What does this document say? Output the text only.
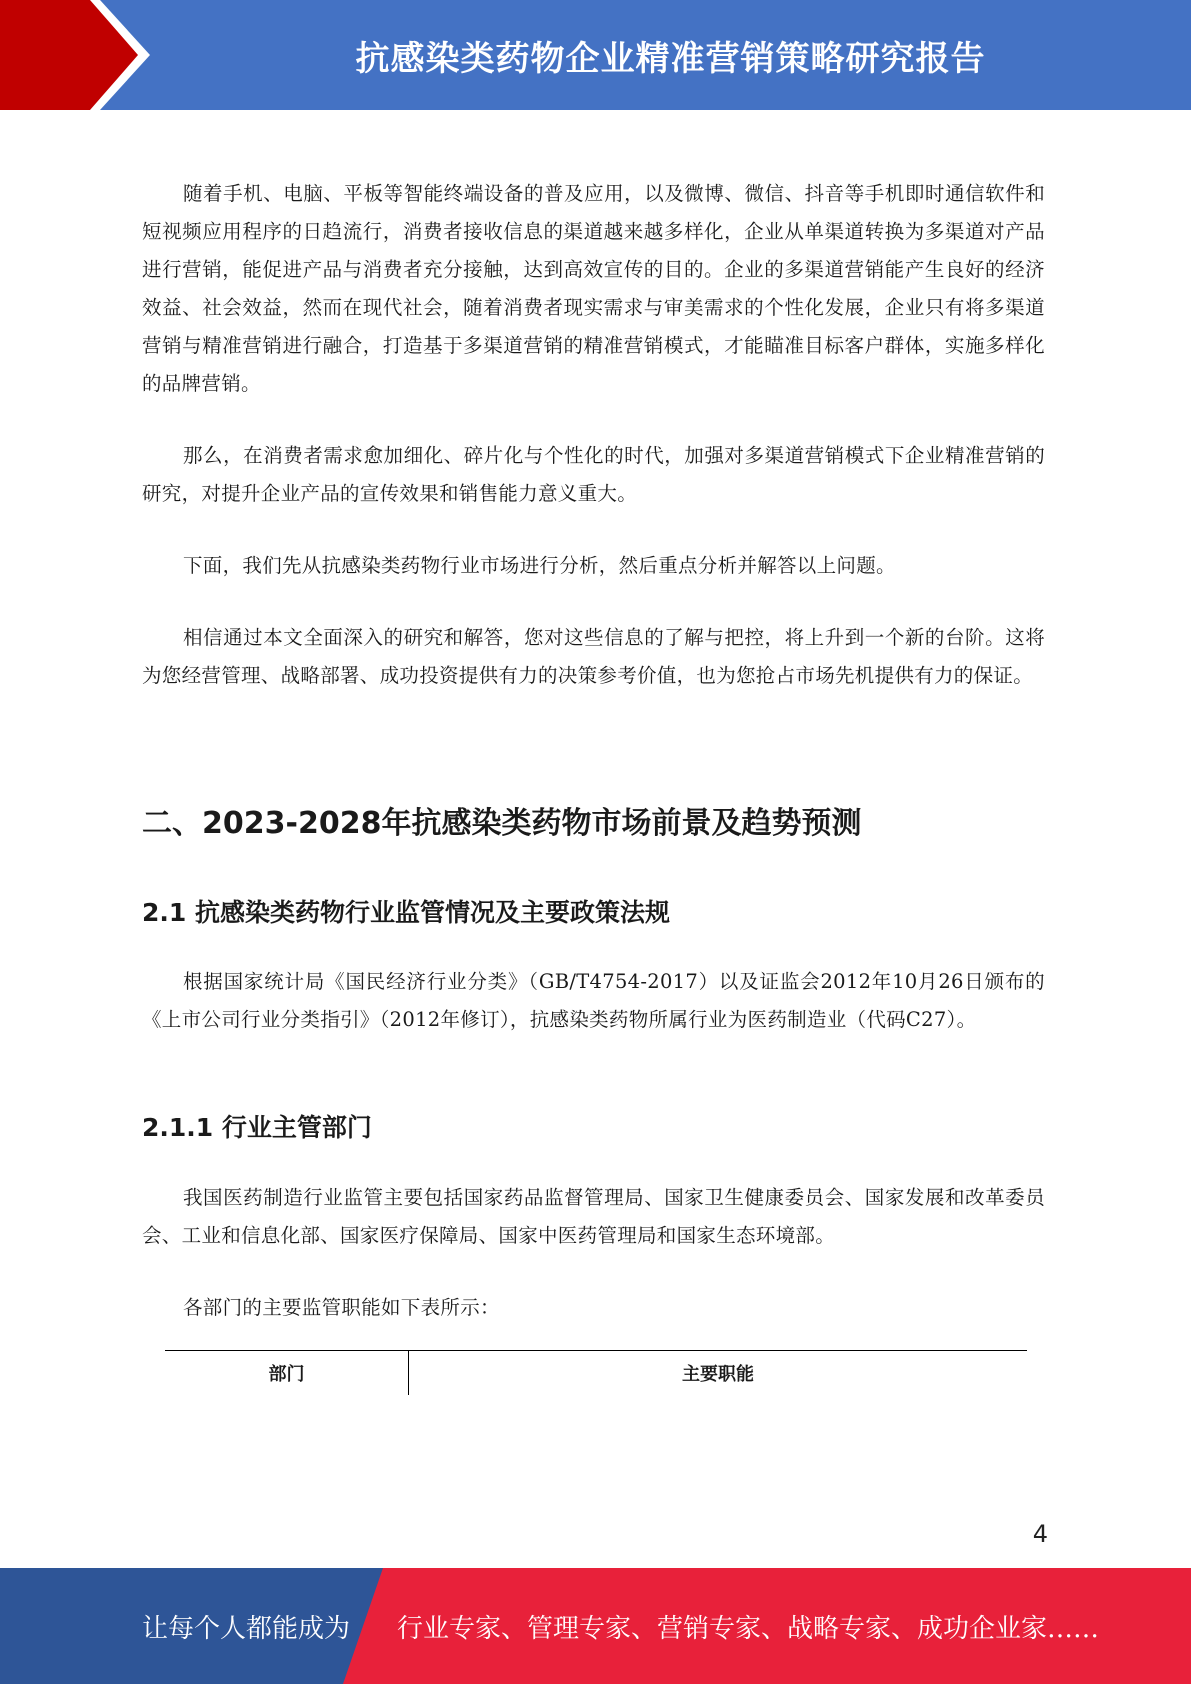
抗感染类药物企业精准营销策略研究报告

随着手机、电脑、平板等智能终端设备的普及应用，以及微博、微信、抖音等手机即时通信软件和短视频应用程序的日趋流行，消费者接收信息的渠道越来越多样化，企业从单渠道转换为多渠道对产品进行营销，能促进产品与消费者充分接触，达到高效宣传的目的。企业的多渠道营销能产生良好的经济效益、社会效益，然而在现代社会，随着消费者现实需求与审美需求的个性化发展，企业只有将多渠道营销与精准营销进行融合，打造基于多渠道营销的精准营销模式，才能瞄准目标客户群体，实施多样化的品牌营销。

那么，在消费者需求愈加细化、碎片化与个性化的时代，加强对多渠道营销模式下企业精准营销的研究，对提升企业产品的宣传效果和销售能力意义重大。

下面，我们先从抗感染类药物行业市场进行分析，然后重点分析并解答以上问题。

相信通过本文全面深入的研究和解答，您对这些信息的了解与把控，将上升到一个新的台阶。这将为您经营管理、战略部署、成功投资提供有力的决策参考价值，也为您抢占市场先机提供有力的保证。

二、2023-2028年抗感染类药物市场前景及趋势预测
2.1 抗感染类药物行业监管情况及主要政策法规

根据国家统计局《国民经济行业分类》（GB/T4754-2017）以及证监会2012年10月26日颁布的《上市公司行业分类指引》（2012年修订），抗感染类药物所属行业为医药制造业（代码C27）。

2.1.1 行业主管部门

我国医药制造行业监管主要包括国家药品监督管理局、国家卫生健康委员会、国家发展和改革委员会、工业和信息化部、国家医疗保障局、国家中医药管理局和国家生态环境部。

各部门的主要监管职能如下表所示：

部门	主要职能
4
让每个人都能成为 行业专家、管理专家、营销专家、战略专家、成功企业家……
